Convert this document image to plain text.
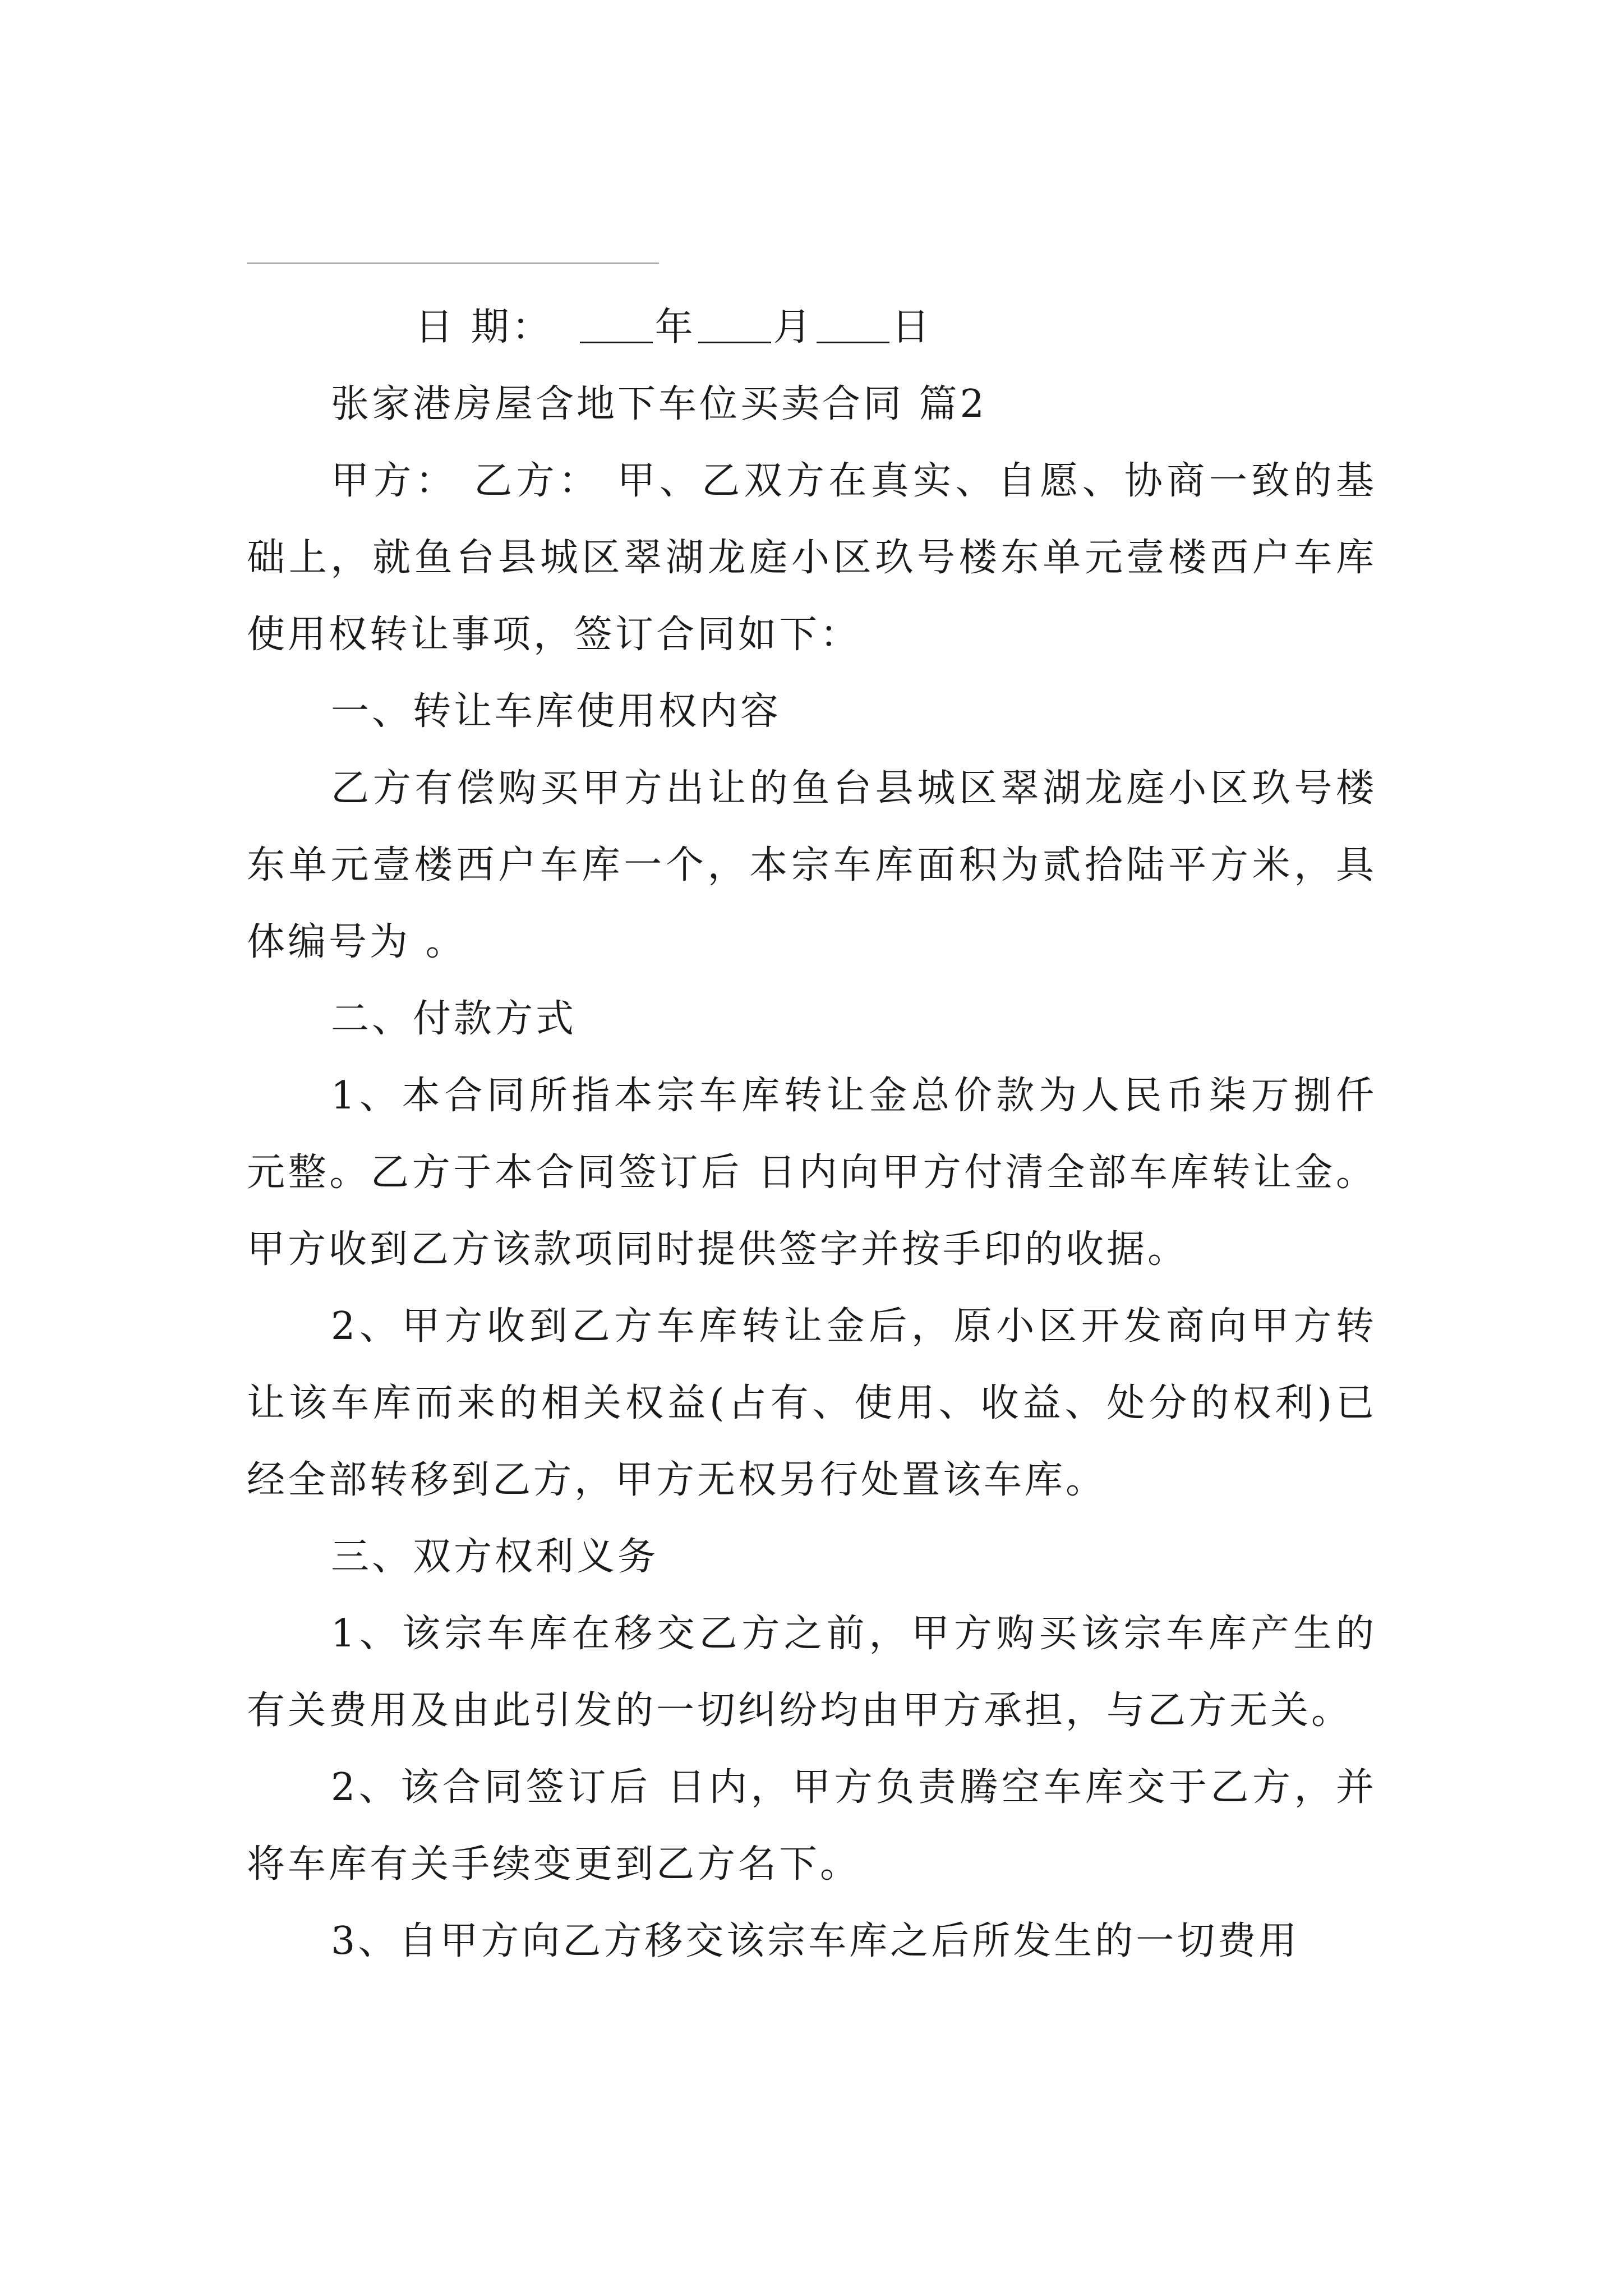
日 期：	年 月 日

张家港房屋含地下车位买卖合同 篇2

甲方： 乙方： 甲、乙双方在真实、自愿、协商一致的基础上，就鱼台县城区翠湖龙庭小区玖号楼东单元壹楼西户车库使用权转让事项，签订合同如下：

一、转让车库使用权内容

乙方有偿购买甲方出让的鱼台县城区翠湖龙庭小区玖号楼东单元壹楼西户车库一个，本宗车库面积为贰拾陆平方米，具体编号为 。

二、付款方式

1、本合同所指本宗车库转让金总价款为人民币柒万捌仟元整。乙方于本合同签订后 日内向甲方付清全部车库转让金。甲方收到乙方该款项同时提供签字并按手印的收据。

2、甲方收到乙方车库转让金后，原小区开发商向甲方转让该车库而来的相关权益(占有、使用、收益、处分的权利)已经全部转移到乙方，甲方无权另行处置该车库。

三、双方权利义务

1、该宗车库在移交乙方之前，甲方购买该宗车库产生的有关费用及由此引发的一切纠纷均由甲方承担，与乙方无关。

2、该合同签订后 日内，甲方负责腾空车库交于乙方，并将车库有关手续变更到乙方名下。

3、自甲方向乙方移交该宗车库之后所发生的一切费用
